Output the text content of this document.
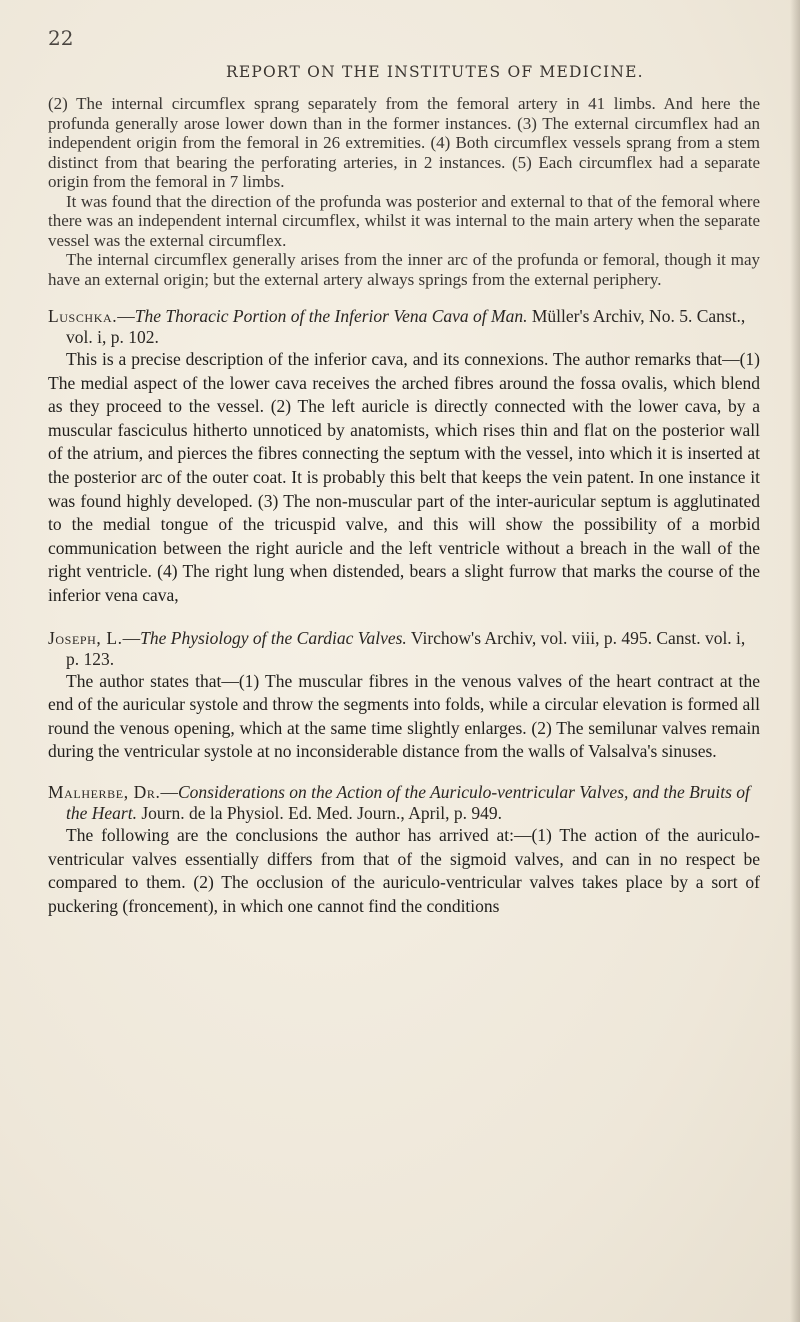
22
REPORT ON THE INSTITUTES OF MEDICINE.

(2) The internal circumflex sprang separately from the femoral artery in 41 limbs. And here the profunda generally arose lower down than in the former instances. (3) The external circumflex had an independent origin from the femoral in 26 extremities. (4) Both circumflex vessels sprang from a stem distinct from that bearing the perforating arteries, in 2 instances. (5) Each circumflex had a separate origin from the femoral in 7 limbs.

It was found that the direction of the profunda was posterior and external to that of the femoral where there was an independent internal circumflex, whilst it was internal to the main artery when the separate vessel was the external circumflex.

The internal circumflex generally arises from the inner arc of the profunda or femoral, though it may have an external origin; but the external artery always springs from the external periphery.

Luschka.—The Thoracic Portion of the Inferior Vena Cava of Man. Müller's Archiv, No. 5. Canst., vol. i, p. 102.

This is a precise description of the inferior cava, and its connexions. The author remarks that—(1) The medial aspect of the lower cava receives the arched fibres around the fossa ovalis, which blend as they proceed to the vessel. (2) The left auricle is directly connected with the lower cava, by a muscular fasciculus hitherto unnoticed by anatomists, which rises thin and flat on the posterior wall of the atrium, and pierces the fibres connecting the septum with the vessel, into which it is inserted at the posterior arc of the outer coat. It is probably this belt that keeps the vein patent. In one instance it was found highly developed. (3) The non-muscular part of the inter-auricular septum is agglutinated to the medial tongue of the tricuspid valve, and this will show the possibility of a morbid communication between the right auricle and the left ventricle without a breach in the wall of the right ventricle. (4) The right lung when distended, bears a slight furrow that marks the course of the inferior vena cava,

Joseph, L.—The Physiology of the Cardiac Valves. Virchow's Archiv, vol. viii, p. 495. Canst. vol. i, p. 123.

The author states that—(1) The muscular fibres in the venous valves of the heart contract at the end of the auricular systole and throw the segments into folds, while a circular elevation is formed all round the venous opening, which at the same time slightly enlarges. (2) The semilunar valves remain during the ventricular systole at no inconsiderable distance from the walls of Valsalva's sinuses.

Malherbe, Dr.—Considerations on the Action of the Auriculo-ventricular Valves, and the Bruits of the Heart. Journ. de la Physiol. Ed. Med. Journ., April, p. 949.

The following are the conclusions the author has arrived at:—(1) The action of the auriculo-ventricular valves essentially differs from that of the sigmoid valves, and can in no respect be compared to them. (2) The occlusion of the auriculo-ventricular valves takes place by a sort of puckering (froncement), in which one cannot find the conditions
